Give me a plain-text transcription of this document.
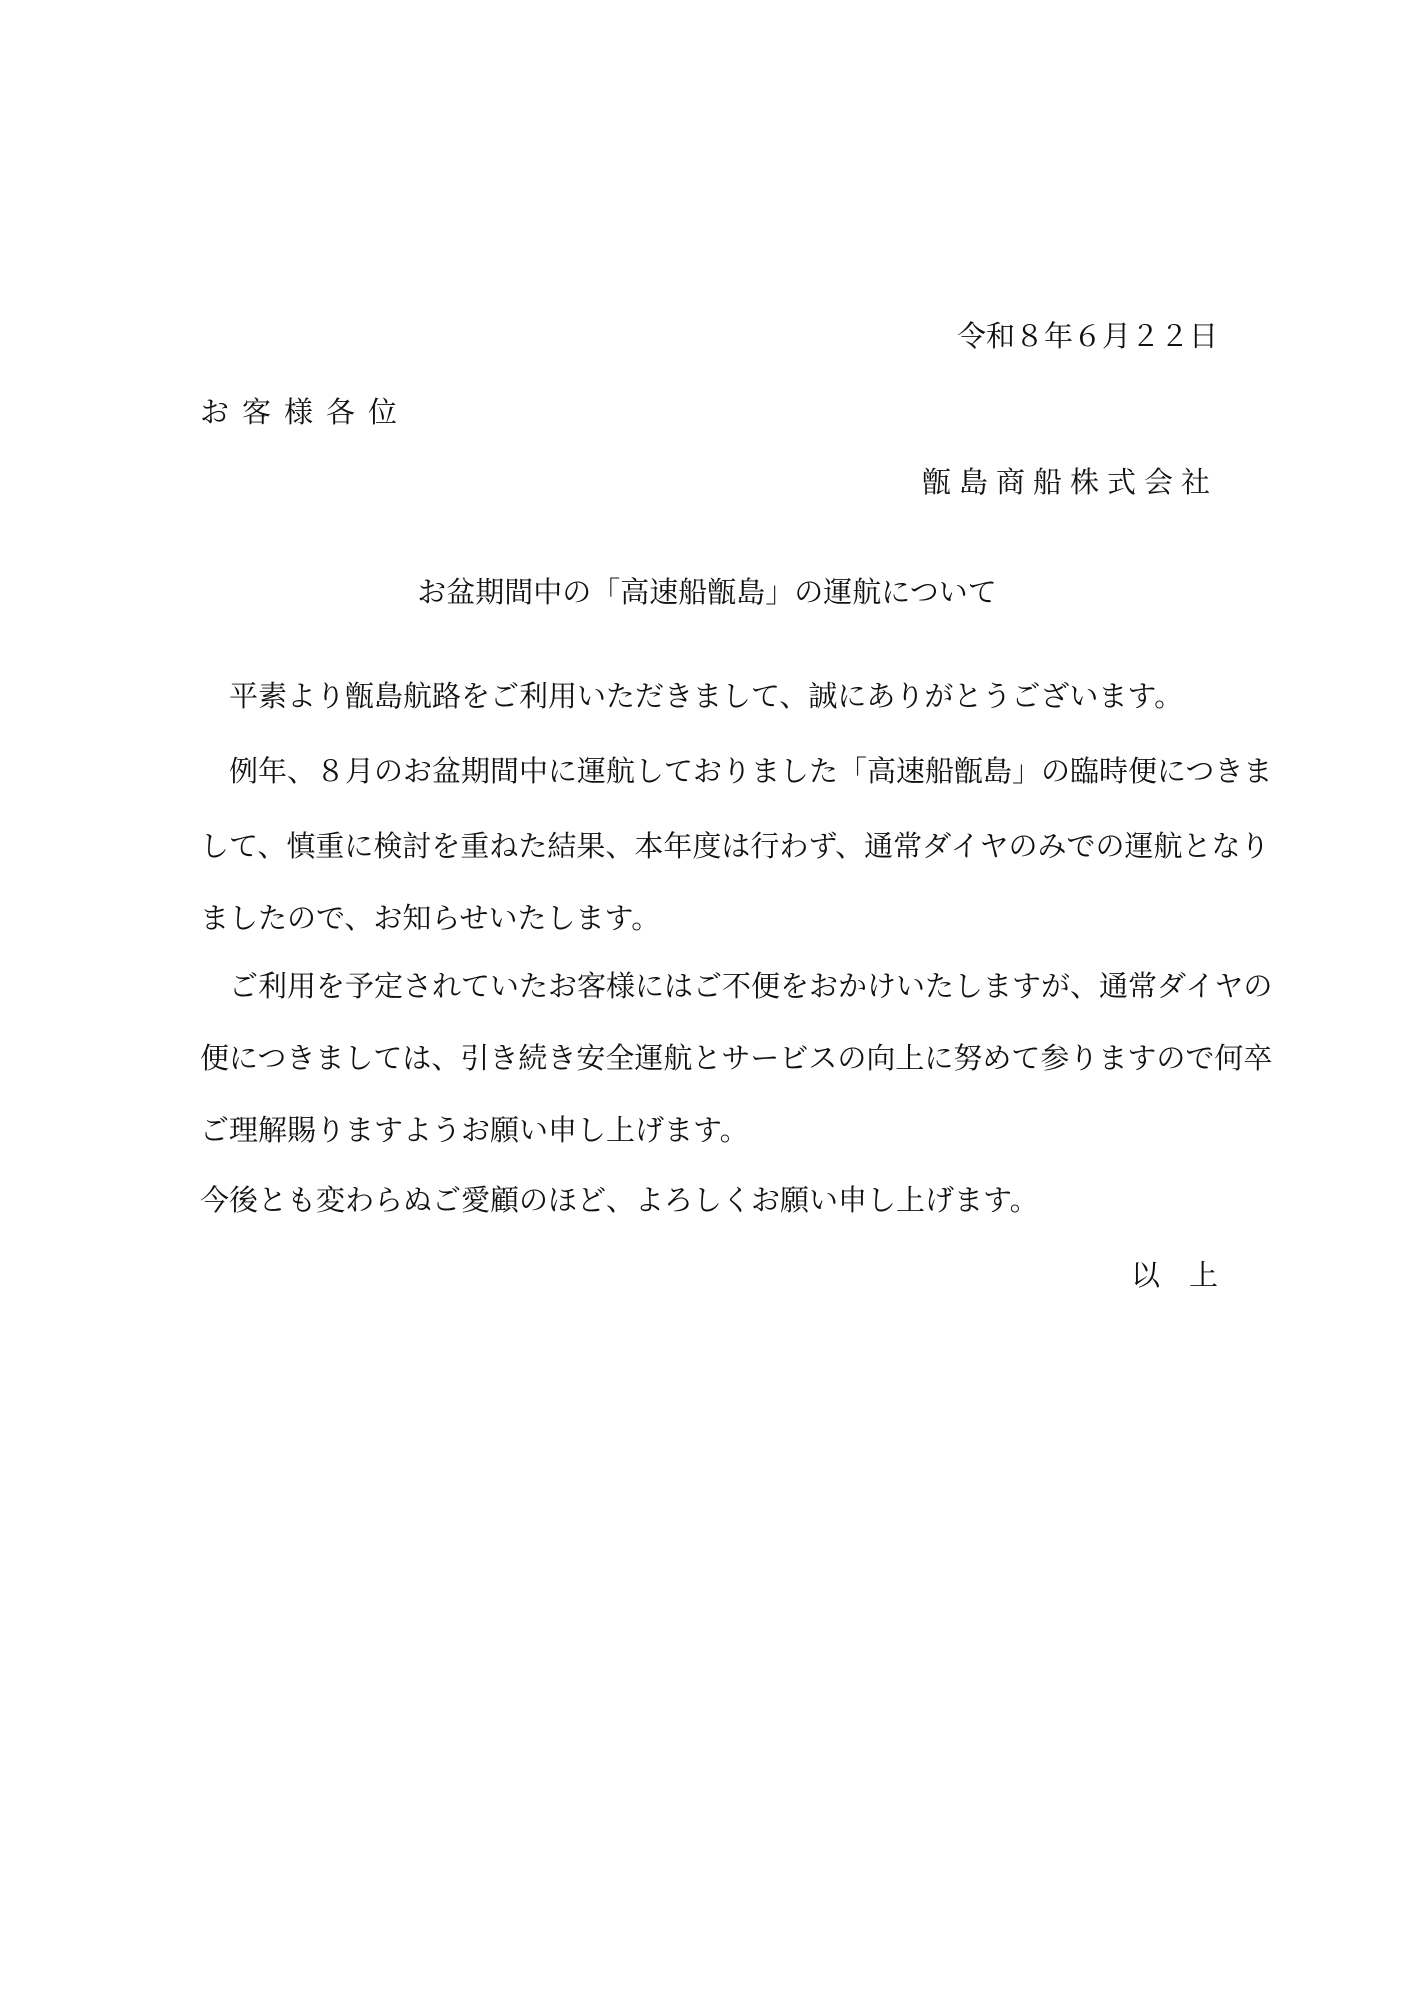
令和８年６月２２日
お客様各位
甑島商船株式会社
お盆期間中の「高速船甑島」の運航について
平素より甑島航路をご利用いただきまして、誠にありがとうございます。
例年、８月のお盆期間中に運航しておりました「高速船甑島」の臨時便につきま
して、慎重に検討を重ねた結果、本年度は行わず、通常ダイヤのみでの運航となり
ましたので、お知らせいたします。
ご利用を予定されていたお客様にはご不便をおかけいたしますが、通常ダイヤの
便につきましては、引き続き安全運航とサービスの向上に努めて参りますので何卒
ご理解賜りますようお願い申し上げます。
今後とも変わらぬご愛顧のほど、よろしくお願い申し上げます。
以上
